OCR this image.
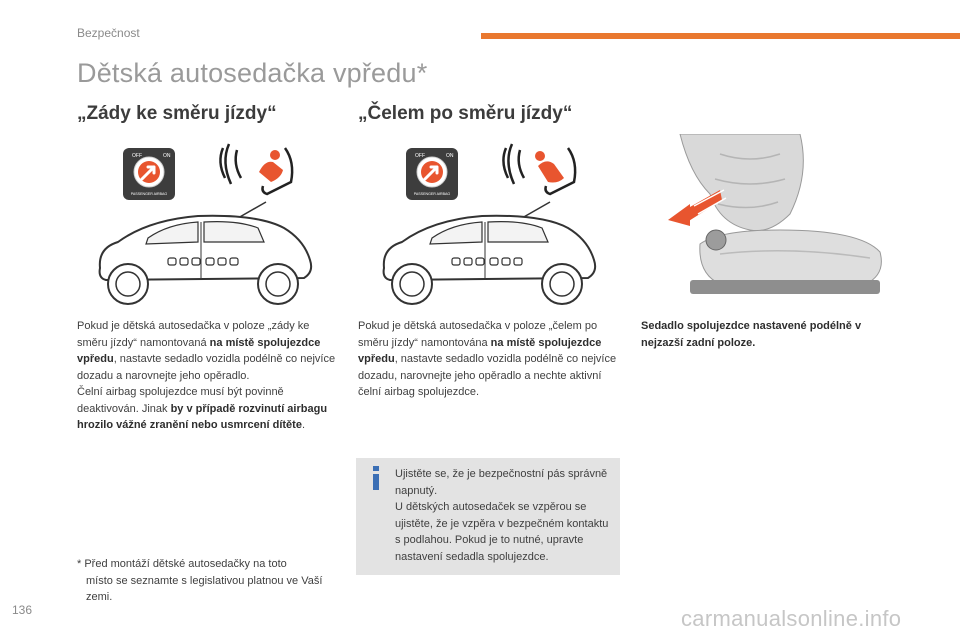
Bezpečnost
Dětská autosedačka vpředu*
„Zády ke směru jízdy“	„Čelem po směru jízdy“
OFF	ON
PASSENGER AIRBAG
OFF	ON
PASSENGER AIRBAG
Pokud je dětská autosedačka v poloze „zády ke směru jízdy“ namontovaná na místě spolujezdce vpředu, nastavte sedadlo vozidla podélně co nejvíce dozadu a narovnejte jeho opěradlo.
Čelní airbag spolujezdce musí být povinně deaktivován. Jinak by v případě rozvinutí airbagu hrozilo vážné zranění nebo usmrcení dítěte.
Pokud je dětská autosedačka v poloze „čelem po směru jízdy“ namontována na místě spolujezdce vpředu, nastavte sedadlo vozidla podélně co nejvíce dozadu, narovnejte jeho opěradlo a nechte aktivní čelní airbag spolujezdce.
Sedadlo spolujezdce nastavené podélně v nejzazší zadní poloze.
Ujistěte se, že je bezpečnostní pás správně napnutý.
U dětských autosedaček se vzpěrou se ujistěte, že je vzpěra v bezpečném kontaktu s podlahou. Pokud je to nutné, upravte nastavení sedadla spolujezdce.
* Před montáží dětské autosedačky na toto
místo se seznamte s legislativou platnou ve Vaší zemi.
136	carmanualsonline.info
